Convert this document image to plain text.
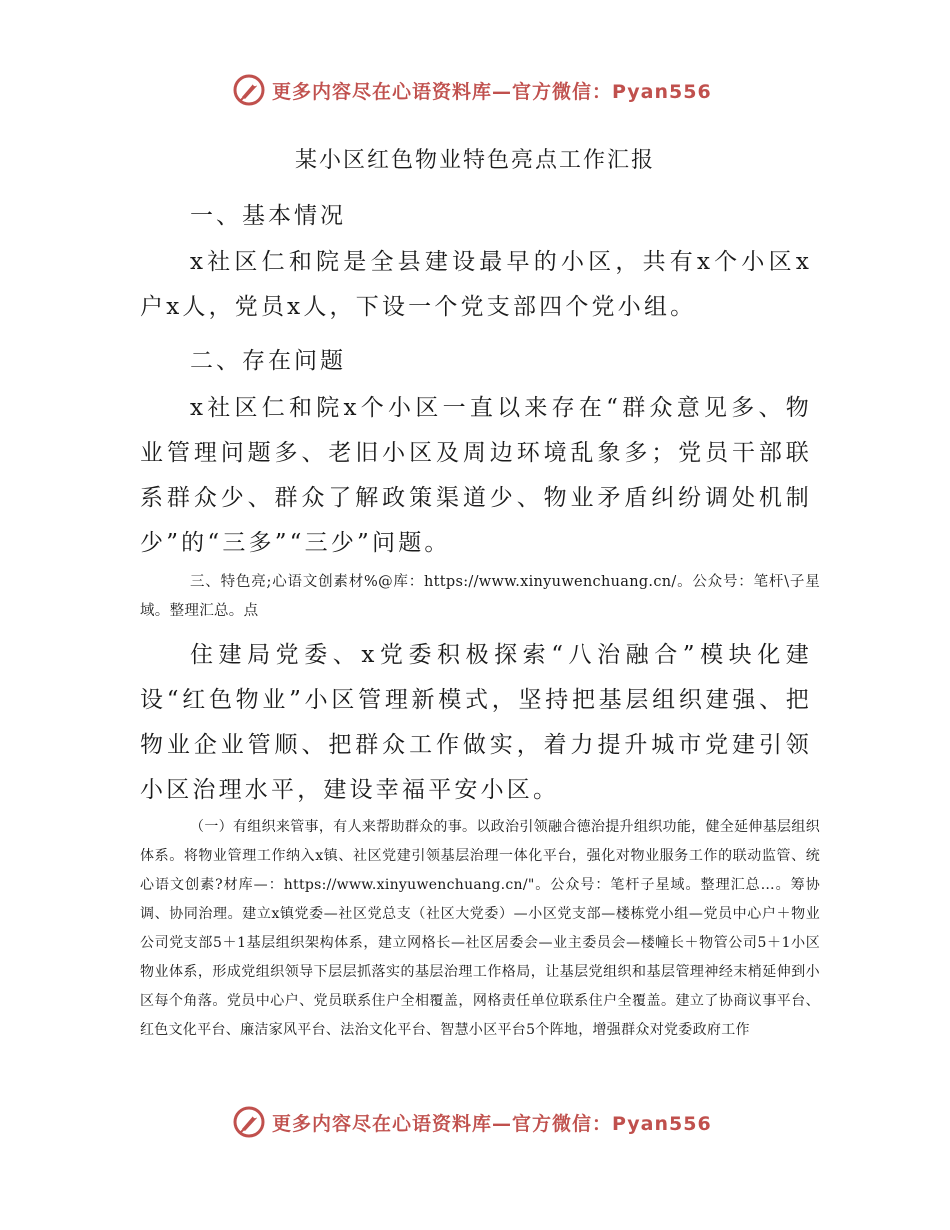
更多内容尽在心语资料库—官方微信：Pyan556
某小区红色物业特色亮点工作汇报
一、基本情况
x社区仁和院是全县建设最早的小区，共有x个小区x户x人，党员x人，下设一个党支部四个党小组。
二、存在问题
x社区仁和院x个小区一直以来存在“群众意见多、物业管理问题多、老旧小区及周边环境乱象多；党员干部联系群众少、群众了解政策渠道少、物业矛盾纠纷调处机制少”的“三多”“三少”问题。
三、特色亮;心语文创素材%@库：https://www.xinyuwenchuang.cn/。公众号：笔杆\子星域。整理汇总。点
住建局党委、x党委积极探索“八治融合”模块化建设“红色物业”小区管理新模式，坚持把基层组织建强、把物业企业管顺、把群众工作做实，着力提升城市党建引领小区治理水平，建设幸福平安小区。
（一）有组织来管事，有人来帮助群众的事。以政治引领融合德治提升组织功能，健全延伸基层组织体系。将物业管理工作纳入x镇、社区党建引领基层治理一体化平台，强化对物业服务工作的联动监管、统心语文创素?材库—：https://www.xinyuwenchuang.cn/"。公众号：笔杆子星域。整理汇总…。筹协调、协同治理。建立x镇党委—社区党总支（社区大党委）—小区党支部—楼栋党小组—党员中心户＋物业公司党支部5＋1基层组织架构体系，建立网格长—社区居委会—业主委员会—楼幢长＋物管公司5＋1小区物业体系，形成党组织领导下层层抓落实的基层治理工作格局，让基层党组织和基层管理神经末梢延伸到小区每个角落。党员中心户、党员联系住户全相覆盖，网格责任单位联系住户全覆盖。建立了协商议事平台、红色文化平台、廉洁家风平台、法治文化平台、智慧小区平台5个阵地，增强群众对党委政府工作
更多内容尽在心语资料库—官方微信：Pyan556
